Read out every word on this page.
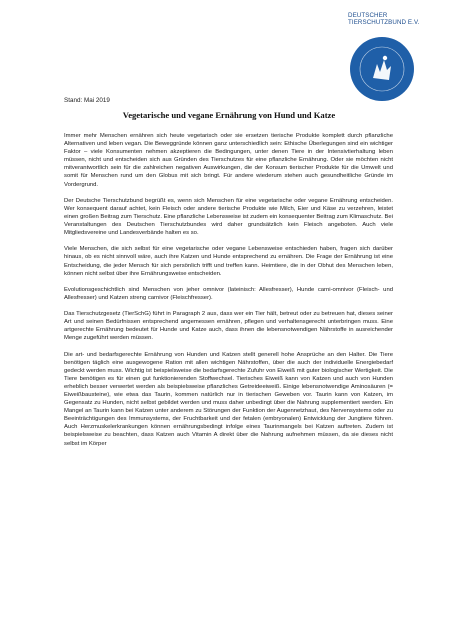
DEUTSCHER
TIERSCHUTZBUND E.V.
Stand: Mai 2019
Vegetarische und vegane Ernährung von Hund und Katze

Immer mehr Menschen ernähren sich heute vegetarisch oder sie ersetzen tierische Produkte komplett durch pflanzliche Alternativen und leben vegan. Die Beweggründe können ganz unterschiedlich sein: Ethische Überlegungen sind ein wichtiger Faktor – viele Konsumenten nehmen akzeptieren die Bedingungen, unter denen Tiere in der Intensivtierhaltung leben müssen, nicht und entscheiden sich aus Gründen des Tierschutzes für eine pflanzliche Ernährung. Oder sie möchten nicht mitverantwortlich sein für die zahlreichen negativen Auswirkungen, die der Konsum tierischer Produkte für die Umwelt und somit für Menschen rund um den Globus mit sich bringt. Für andere wiederum stehen auch gesundheitliche Gründe im Vordergrund.

Der Deutsche Tierschutzbund begrüßt es, wenn sich Menschen für eine vegetarische oder vegane Ernährung entscheiden. Wer konsequent darauf achtet, kein Fleisch oder andere tierische Produkte wie Milch, Eier und Käse zu verzehren, leistet einen großen Beitrag zum Tierschutz. Eine pflanzliche Lebensweise ist zudem ein konsequenter Beitrag zum Klimaschutz. Bei Veranstaltungen des Deutschen Tierschutzbundes wird daher grundsätzlich kein Fleisch angeboten. Auch viele Mitgliedsvereine und Landesverbände halten es so.

Viele Menschen, die sich selbst für eine vegetarische oder vegane Lebensweise entschieden haben, fragen sich darüber hinaus, ob es nicht sinnvoll wäre, auch ihre Katzen und Hunde entsprechend zu ernähren. Die Frage der Ernährung ist eine Entscheidung, die jeder Mensch für sich persönlich trifft und treffen kann. Heimtiere, die in der Obhut des Menschen leben, können nicht selbst über ihre Ernährungsweise entscheiden.

Evolutionsgeschichtlich sind Menschen von jeher omnivor (lateinisch: Allesfresser), Hunde carni-omnivor (Fleisch- und Allesfresser) und Katzen streng carnivor (Fleischfresser).

Das Tierschutzgesetz (TierSchG) führt in Paragraph 2 aus, dass wer ein Tier hält, betreut oder zu betreuen hat, dieses seiner Art und seinen Bedürfnissen entsprechend angemessen ernähren, pflegen und verhaltensgerecht unterbringen muss. Eine artgerechte Ernährung bedeutet für Hunde und Katze auch, dass ihnen die lebensnotwendigen Nährstoffe in ausreichender Menge zugeführt werden müssen.

Die art- und bedarfsgerechte Ernährung von Hunden und Katzen stellt generell hohe Ansprüche an den Halter. Die Tiere benötigen täglich eine ausgewogene Ration mit allen wichtigen Nährstoffen, über die auch der individuelle Energiebedarf gedeckt werden muss. Wichtig ist beispielsweise die bedarfsgerechte Zufuhr von Eiweiß mit guter biologischer Wertigkeit. Die Tiere benötigen es für einen gut funktionierenden Stoffwechsel. Tierisches Eiweiß kann von Katzen und auch von Hunden erheblich besser verwertet werden als beispielsweise pflanzliches Getreideeiweiß. Einige lebensnotwendige Aminosäuren (= Eiweißbausteine), wie etwa das Taurin, kommen natürlich nur in tierischen Geweben vor. Taurin kann von Katzen, im Gegensatz zu Hunden, nicht selbst gebildet werden und muss daher unbedingt über die Nahrung supplementiert werden. Ein Mangel an Taurin kann bei Katzen unter anderem zu Störungen der Funktion der Augennetzhaut, des Nervensystems oder zu Beeinträchtigungen des Immunsystems, der Fruchtbarkeit und der fetalen (embryonalen) Entwicklung der Jungtiere führen. Auch Herzmuskelerkrankungen können ernährungsbedingt infolge eines Taurinmangels bei Katzen auftreten. Zudem ist beispielsweise zu beachten, dass Katzen auch Vitamin A direkt über die Nahrung aufnehmen müssen, da sie dieses nicht selbst im Körper
